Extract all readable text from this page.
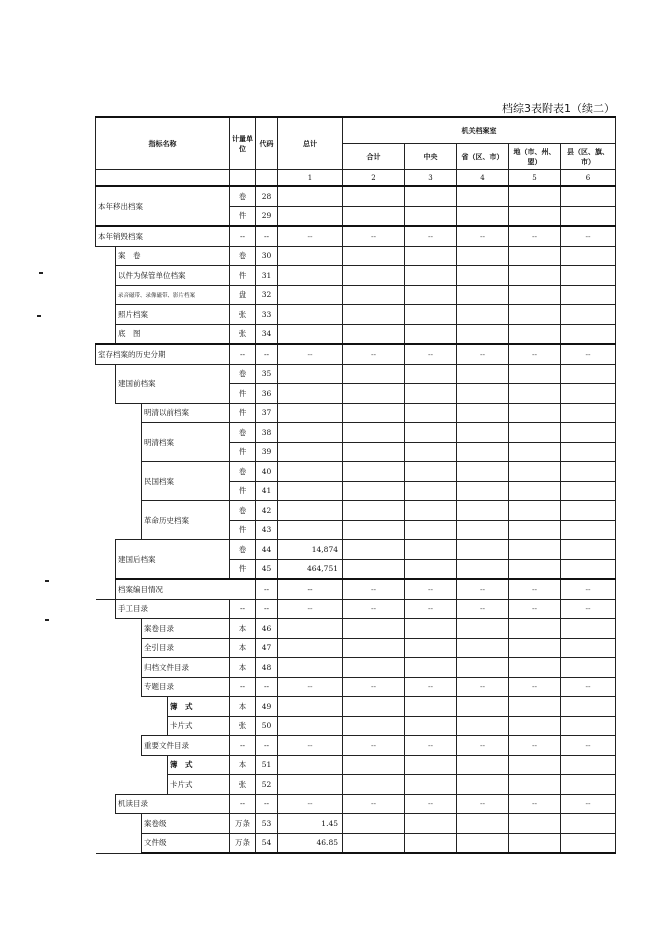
档综3表附表1（续二）
指标名称				计量单位	代码	总计	机关档案室					
							合计	中央	省（区、市）	地（市、州、盟）	县（区、旗、市）	
						1	2	3	4	5	6	
本年移出档案				卷	28							
				件	29							
本年销毁档案				--	--	--	--	--	--	--	--	
	案　卷			卷	30							
	以件为保管单位档案			件	31							
	录音磁带、录像磁带、影片档案			盘	32							
	照片档案			张	33							
	底　图			张	34							
室存档案的历史分期				--	--	--	--	--	--	--	--	
	建国前档案			卷	35							
				件	36							
		明清以前档案		件	37							
		明清档案		卷	38							
				件	39							
		民国档案		卷	40							
				件	41							
		革命历史档案		卷	42							
				件	43							
	建国后档案			卷	44	14,874						
				件	45	464,751						
	档案编目情况				--	--	--	--	--	--	--	
	手工目录			--	--	--	--	--	--	--	--	
		案卷目录		本	46							
		全引目录		本	47							
		归档文件目录		本	48							
		专题目录		--	--	--	--	--	--	--	--	
			簿　式	本	49							
			卡片式	张	50							
		重要文件目录		--	--	--	--	--	--	--	--	
			簿　式	本	51							
			卡片式	张	52							
	机读目录			--	--	--	--	--	--	--	--	
		案卷级		万条	53	1.45						
		文件级		万条	54	46.85						
